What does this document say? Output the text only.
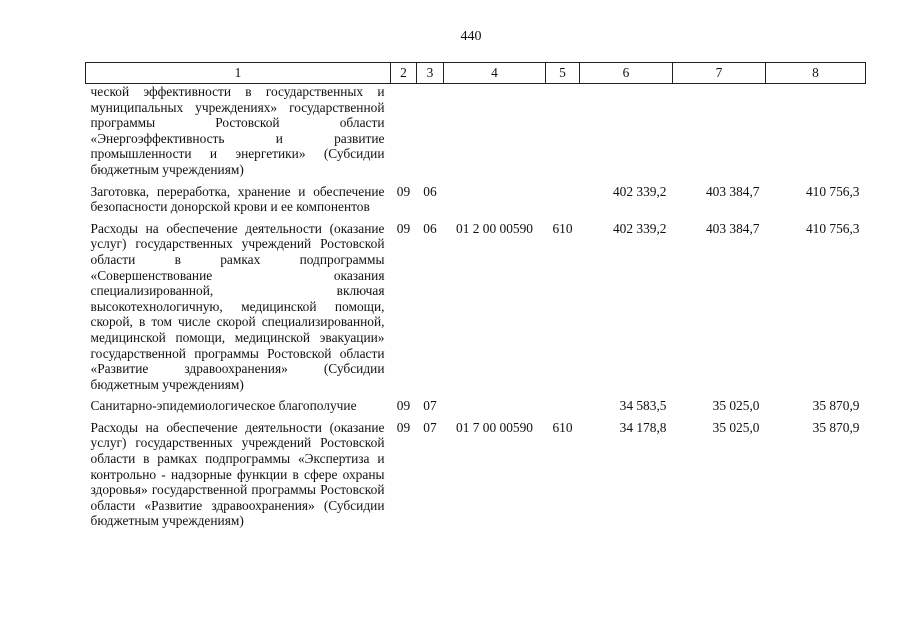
440
1	2	3	4	5	6	7	8
ческой эффективности в государственных и муниципальных учреждениях» государственной программы Ростовской области «Энергоэффективность и развитие промышленности и энергетики» (Субсидии бюджетным учреждениям)							
Заготовка, переработка, хранение и обеспечение безопасности донорской крови и ее компонентов	09	06			402 339,2	403 384,7	410 756,3
Расходы на обеспечение деятельности (оказание услуг) государственных учреждений Ростовской области в рамках подпрограммы «Совершенствование оказания специализированной, включая высокотехнологичную, медицинской помощи, скорой, в том числе скорой специализированной, медицинской помощи, медицинской эвакуации» государственной программы Ростовской области «Развитие здравоохранения» (Субсидии бюджетным учреждениям)	09	06	01 2 00 00590	610	402 339,2	403 384,7	410 756,3
Санитарно-эпидемиологическое благополучие	09	07			34 583,5	35 025,0	35 870,9
Расходы на обеспечение деятельности (оказание услуг) государственных учреждений Ростовской области в рамках подпрограммы «Экспертиза и контрольно - надзорные функции в сфере охраны здоровья» государственной программы Ростовской области «Развитие здравоохранения» (Субсидии бюджетным учреждениям)	09	07	01 7 00 00590	610	34 178,8	35 025,0	35 870,9
